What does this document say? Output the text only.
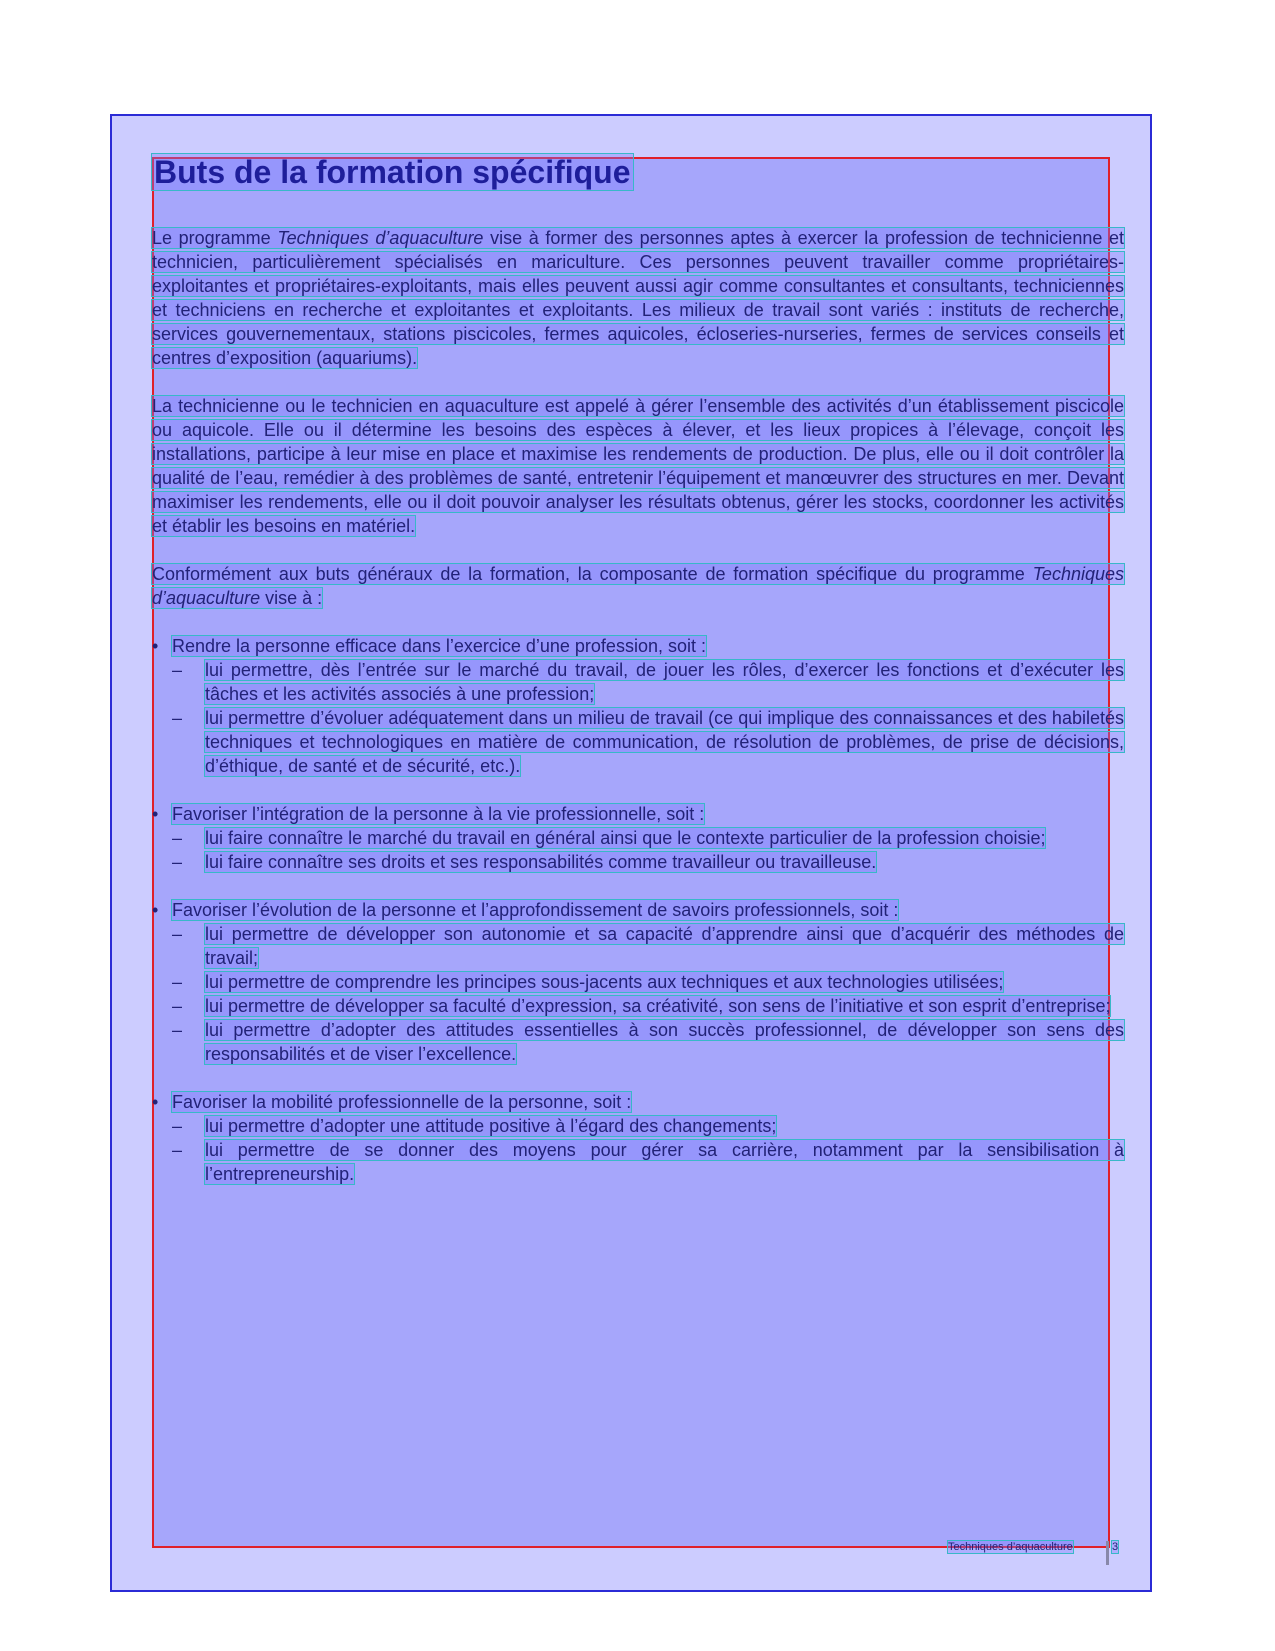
Buts de la formation spécifique

Le programme Techniques d’aquaculture vise à former des personnes aptes à exercer la profession de technicienne et technicien, particulièrement spécialisés en mariculture. Ces personnes peuvent travailler comme propriétaires-exploitantes et propriétaires-exploitants, mais elles peuvent aussi agir comme consultantes et consultants, techniciennes et techniciens en recherche et exploitantes et exploitants. Les milieux de travail sont variés : instituts de recherche, services gouvernementaux, stations piscicoles, fermes aquicoles, écloseries-nurseries, fermes de services conseils et centres d’exposition (aquariums).

La technicienne ou le technicien en aquaculture est appelé à gérer l’ensemble des activités d’un établissement piscicole ou aquicole. Elle ou il détermine les besoins des espèces à élever, et les lieux propices à l’élevage, conçoit les installations, participe à leur mise en place et maximise les rendements de production. De plus, elle ou il doit contrôler la qualité de l’eau, remédier à des problèmes de santé, entretenir l’équipement et manœuvrer des structures en mer. Devant maximiser les rendements, elle ou il doit pouvoir analyser les résultats obtenus, gérer les stocks, coordonner les activités et établir les besoins en matériel.

Conformément aux buts généraux de la formation, la composante de formation spécifique du programme Techniques d’aquaculture vise à :

• Rendre la personne efficace dans l’exercice d’une profession, soit :
– lui permettre, dès l’entrée sur le marché du travail, de jouer les rôles, d’exercer les fonctions et d’exécuter les tâches et les activités associés à une profession;
– lui permettre d’évoluer adéquatement dans un milieu de travail (ce qui implique des connaissances et des habiletés techniques et technologiques en matière de communication, de résolution de problèmes, de prise de décisions, d’éthique, de santé et de sécurité, etc.).
• Favoriser l’intégration de la personne à la vie professionnelle, soit :
– lui faire connaître le marché du travail en général ainsi que le contexte particulier de la profession choisie;
– lui faire connaître ses droits et ses responsabilités comme travailleur ou travailleuse.
• Favoriser l’évolution de la personne et l’approfondissement de savoirs professionnels, soit :
– lui permettre de développer son autonomie et sa capacité d’apprendre ainsi que d’acquérir des méthodes de travail;
– lui permettre de comprendre les principes sous-jacents aux techniques et aux technologies utilisées;
– lui permettre de développer sa faculté d’expression, sa créativité, son sens de l’initiative et son esprit d’entreprise;
– lui permettre d’adopter des attitudes essentielles à son succès professionnel, de développer son sens des responsabilités et de viser l’excellence.
• Favoriser la mobilité professionnelle de la personne, soit :
– lui permettre d’adopter une attitude positive à l’égard des changements;
– lui permettre de se donner des moyens pour gérer sa carrière, notamment par la sensibilisation à l’entrepreneurship.
Techniques d’aquaculture	3
